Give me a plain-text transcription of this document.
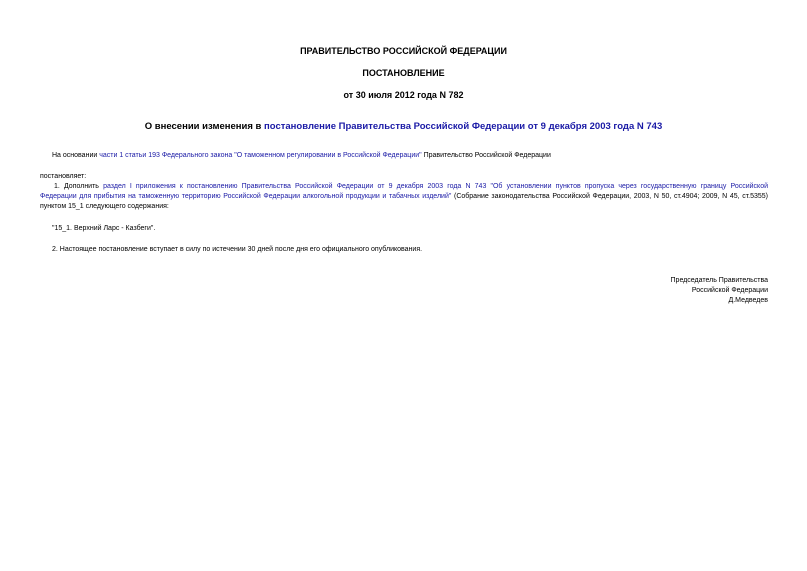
ПРАВИТЕЛЬСТВО РОССИЙСКОЙ ФЕДЕРАЦИИ
ПОСТАНОВЛЕНИЕ
от 30 июля 2012 года N 782
О внесении изменения в постановление Правительства Российской Федерации от 9 декабря 2003 года N 743
На основании части 1 статьи 193 Федерального закона "О таможенном регулировании в Российской Федерации" Правительство Российской Федерации
постановляет:
1. Дополнить раздел I приложения к постановлению Правительства Российской Федерации от 9 декабря 2003 года N 743 "Об установлении пунктов пропуска через государственную границу Российской
Федерации для прибытия на таможенную территорию Российской Федерации алкогольной продукции и табачных изделий" (Собрание законодательства Российской Федерации, 2003, N 50, ст.4904; 2009, N 45, ст.5355)
пунктом 15_1 следующего содержания:
"15_1. Верхний Ларс - Казбеги".
2. Настоящее постановление вступает в силу по истечении 30 дней после дня его официального опубликования.
Председатель Правительства
Российской Федерации
Д.Медведев
